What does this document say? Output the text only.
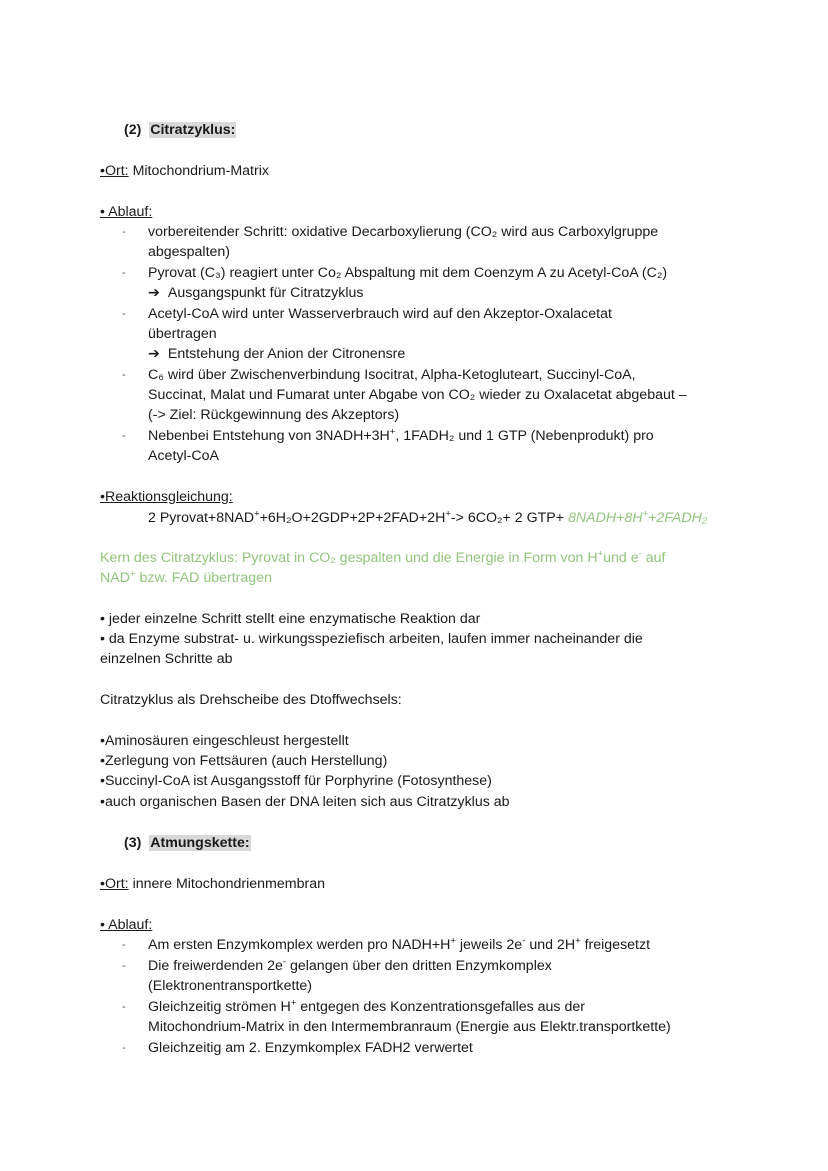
(2) Citratzyklus:
•Ort: Mitochondrium-Matrix
• Ablauf:
- vorbereitender Schritt: oxidative Decarboxylierung (CO₂ wird aus Carboxylgruppe
abgespalten)
- Pyrovat (C₃) reagiert unter Co₂ Abspaltung mit dem Coenzym A zu Acetyl-CoA (C₂)
➔ Ausgangspunkt für Citratzyklus
- Acetyl-CoA wird unter Wasserverbrauch wird auf den Akzeptor-Oxalacetat
übertragen
➔ Entstehung der Anion der Citronensre
- C₆ wird über Zwischenverbindung Isocitrat, Alpha-Ketogluteart, Succinyl-CoA,
Succinat, Malat und Fumarat unter Abgabe von CO₂ wieder zu Oxalacetat abgebaut –
(-> Ziel: Rückgewinnung des Akzeptors)
- Nebenbei Entstehung von 3NADH+3H+, 1FADH₂ und 1 GTP (Nebenprodukt) pro
Acetyl-CoA
•Reaktionsgleichung:
2 Pyrovat+8NAD++6H₂O+2GDP+2P+2FAD+2H+-> 6CO₂+ 2 GTP+ 8NADH+8H++2FADH₂
Kern des Citratzyklus: Pyrovat in CO₂ gespalten und die Energie in Form von H+und e- auf
NAD+ bzw. FAD übertragen
• jeder einzelne Schritt stellt eine enzymatische Reaktion dar
• da Enzyme substrat- u. wirkungsspeziefisch arbeiten, laufen immer nacheinander die
einzelnen Schritte ab
Citratzyklus als Drehscheibe des Dtoffwechsels:
•Aminosäuren eingeschleust hergestellt
•Zerlegung von Fettsäuren (auch Herstellung)
•Succinyl-CoA ist Ausgangsstoff für Porphyrine (Fotosynthese)
•auch organischen Basen der DNA leiten sich aus Citratzyklus ab
(3) Atmungskette:
•Ort: innere Mitochondrienmembran
• Ablauf:
- Am ersten Enzymkomplex werden pro NADH+H+ jeweils 2e- und 2H+ freigesetzt
- Die freiwerdenden 2e- gelangen über den dritten Enzymkomplex
(Elektronentransportkette)
- Gleichzeitig strömen H+ entgegen des Konzentrationsgefalles aus der
Mitochondrium-Matrix in den Intermembranraum (Energie aus Elektr.transportkette)
- Gleichzeitig am 2. Enzymkomplex FADH2 verwertet
